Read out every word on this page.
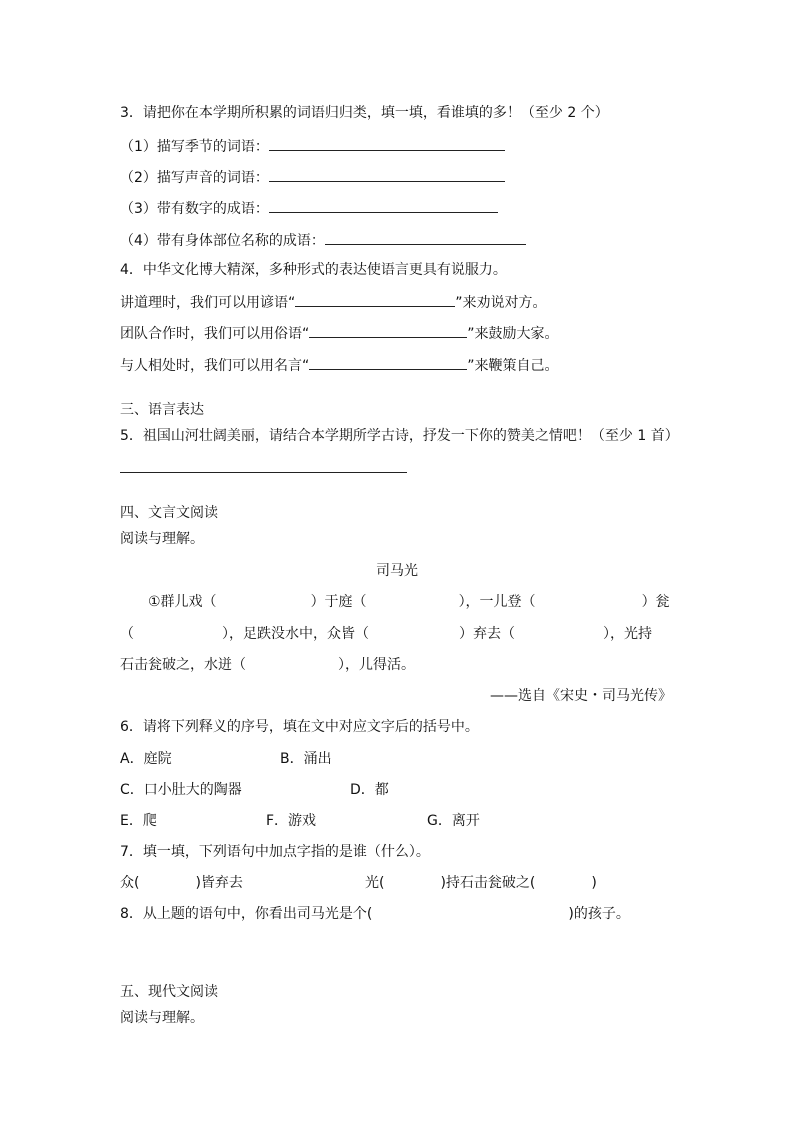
3．请把你在本学期所积累的词语归归类，填一填，看谁填的多！（至少 2 个）
（1）描写季节的词语：
（2）描写声音的词语：
（3）带有数字的成语：
（4）带有身体部位名称的成语：
4．中华文化博大精深，多种形式的表达使语言更具有说服力。
讲道理时，我们可以用谚语“	”来劝说对方。
团队合作时，我们可以用俗语“	”来鼓励大家。
与人相处时，我们可以用名言“	”来鞭策自己。
三、语言表达
5．祖国山河壮阔美丽，请结合本学期所学古诗，抒发一下你的赞美之情吧！（至少 1 首）
四、文言文阅读
阅读与理解。
司马光
①群儿戏（	）于庭（	），一儿登（	）瓮
（	），足跌没水中，众皆（	）弃去（	），光持
石击瓮破之，水迸（	），儿得活。
——选自《宋史・司马光传》
6．请将下列释义的序号，填在文中对应文字后的括号中。
A．庭院	B．涌出
C．口小肚大的陶器	D．都
E．爬	F．游戏	G．离开
7．填一填，下列语句中加点字指的是谁（什么）。
众(	)皆弃去	光(	)持石击瓮破之(	)
8．从上题的语句中，你看出司马光是个(	)的孩子。
五、现代文阅读
阅读与理解。
